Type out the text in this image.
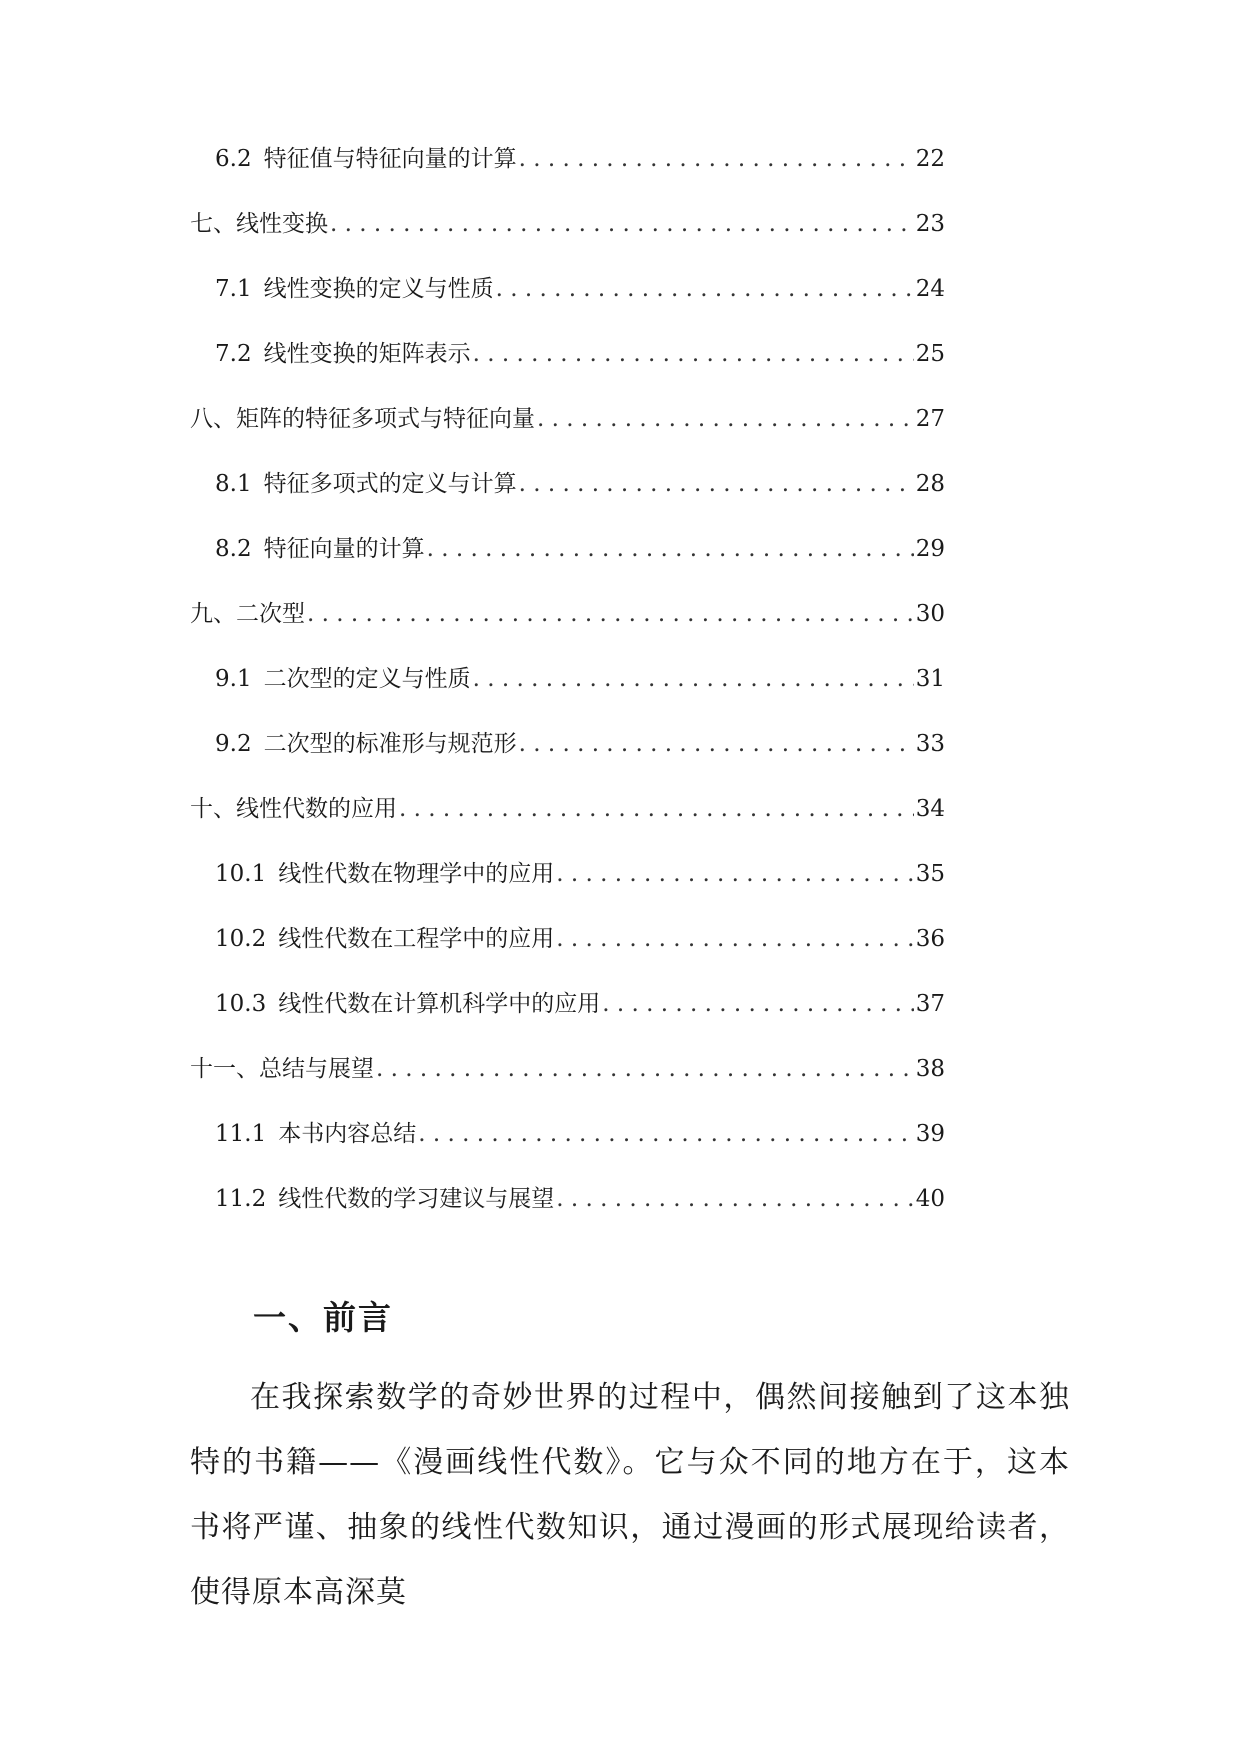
6.2 特征值与特征向量的计算 . . .	22
七、线性变换 . . .	23
7.1 线性变换的定义与性质 . . .	24
7.2 线性变换的矩阵表示 . . .	25
八、矩阵的特征多项式与特征向量 . . .	27
8.1 特征多项式的定义与计算 . . .	28
8.2 特征向量的计算 . . .	29
九、二次型 . . .	30
9.1 二次型的定义与性质 . . .	31
9.2 二次型的标准形与规范形 . . .	33
十、线性代数的应用 . . .	34
10.1 线性代数在物理学中的应用 . . .	35
10.2 线性代数在工程学中的应用 . . .	36
10.3 线性代数在计算机科学中的应用 . . .	37
十一、总结与展望 . . .	38
11.1 本书内容总结 . . .	39
11.2 线性代数的学习建议与展望 . . .	40
一、前言

在我探索数学的奇妙世界的过程中，偶然间接触到了这本独特的书籍——《漫画线性代数》。它与众不同的地方在于，这本书将严谨、抽象的线性代数知识，通过漫画的形式展现给读者，使得原本高深莫
